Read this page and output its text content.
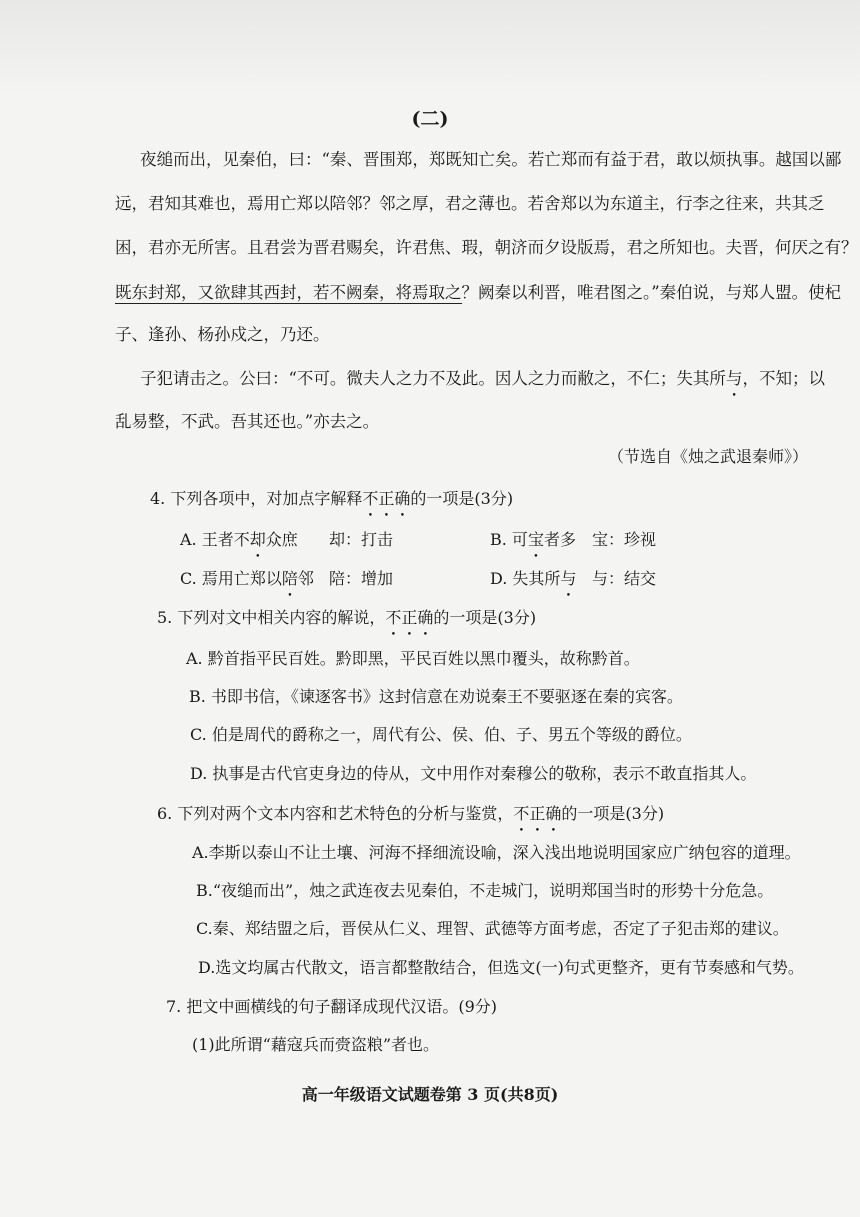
(二)
夜缒而出，见秦伯，曰：“秦、晋围郑，郑既知亡矣。若亡郑而有益于君，敢以烦执事。越国以鄙
远，君知其难也，焉用亡郑以陪邻？邻之厚，君之薄也。若舍郑以为东道主，行李之往来，共其乏
困，君亦无所害。且君尝为晋君赐矣，许君焦、瑕，朝济而夕设版焉，君之所知也。夫晋，何厌之有？
既东封郑，又欲肆其西封，若不阙秦，将焉取之？阙秦以利晋，唯君图之。”秦伯说，与郑人盟。使杞
子、逢孙、杨孙戍之，乃还。
子犯请击之。公曰：“不可。微夫人之力不及此。因人之力而敝之，不仁；失其所与，不知；以
乱易整，不武。吾其还也。”亦去之。
（节选自《烛之武退秦师》）
4. 下列各项中，对加点字解释不正确的一项是(3分)
A. 王者不却众庶 却：打击	B. 可宝者多 宝：珍视
C. 焉用亡郑以陪邻 陪：增加	D. 失其所与 与：结交
5. 下列对文中相关内容的解说，不正确的一项是(3分)
A. 黔首指平民百姓。黔即黑，平民百姓以黑巾覆头，故称黔首。
B. 书即书信，《谏逐客书》这封信意在劝说秦王不要驱逐在秦的宾客。
C. 伯是周代的爵称之一，周代有公、侯、伯、子、男五个等级的爵位。
D. 执事是古代官吏身边的侍从，文中用作对秦穆公的敬称，表示不敢直指其人。
6. 下列对两个文本内容和艺术特色的分析与鉴赏，不正确的一项是(3分)
A.李斯以泰山不让土壤、河海不择细流设喻，深入浅出地说明国家应广纳包容的道理。
B.“夜缒而出”，烛之武连夜去见秦伯，不走城门，说明郑国当时的形势十分危急。
C.秦、郑结盟之后，晋侯从仁义、理智、武德等方面考虑，否定了子犯击郑的建议。
D.选文均属古代散文，语言都整散结合，但选文(一)句式更整齐，更有节奏感和气势。
7. 把文中画横线的句子翻译成现代汉语。(9分)
(1)此所谓“藉寇兵而赍盗粮”者也。
高一年级语文试题卷第 3 页(共8页)
